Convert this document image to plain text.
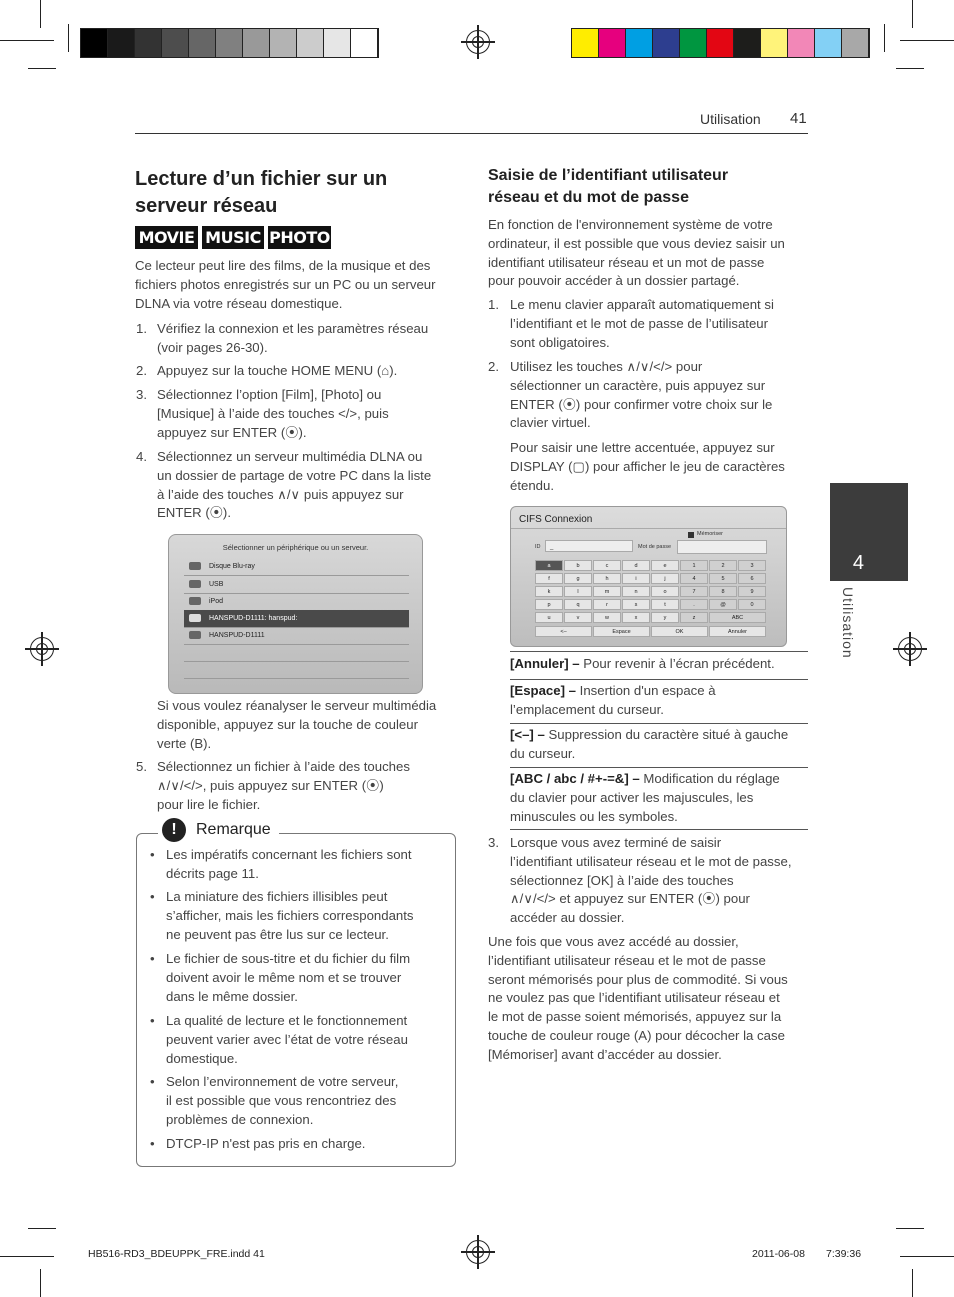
Utilisation 41
4
Utilisation
Lecture d’un fichier sur un
serveur réseau
MOVIE MUSIC PHOTO
Ce lecteur peut lire des films, de la musique et des
fichiers photos enregistrés sur un PC ou un serveur
DLNA via votre réseau domestique.
1. Vérifiez la connexion et les paramètres réseau
(voir pages 26-30).
2. Appuyez sur la touche HOME MENU (⌂).
3. Sélectionnez l’option [Film], [Photo] ou
[Musique] à l’aide des touches </>, puis
appuyez sur ENTER (⦿).
4. Sélectionnez un serveur multimédia DLNA ou
un dossier de partage de votre PC dans la liste
à l’aide des touches ∧/∨ puis appuyez sur
ENTER (⦿).
Sélectionner un périphérique ou un serveur.
Disque Blu-ray
USB
iPod
HANSPUD-D1111: hanspud:
HANSPUD-D1111
Si vous voulez réanalyser le serveur multimédia
disponible, appuyez sur la touche de couleur
verte (B).
5. Sélectionnez un fichier à l’aide des touches
∧/∨/</>, puis appuyez sur ENTER (⦿)
pour lire le fichier.
!	Remarque
• Les impératifs concernant les fichiers sont
décrits page 11.
• La miniature des fichiers illisibles peut
s’afficher, mais les fichiers correspondants
ne peuvent pas être lus sur ce lecteur.
• Le fichier de sous-titre et du fichier du film
doivent avoir le même nom et se trouver
dans le même dossier.
• La qualité de lecture et le fonctionnement
peuvent varier avec l’état de votre réseau
domestique.
• Selon l’environnement de votre serveur,
il est possible que vous rencontriez des
problèmes de connexion.
• DTCP-IP n'est pas pris en charge.
Saisie de l’identifiant utilisateur
réseau et du mot de passe
En fonction de l'environnement système de votre
ordinateur, il est possible que vous deviez saisir un
identifiant utilisateur réseau et un mot de passe
pour pouvoir accéder à un dossier partagé.
1. Le menu clavier apparaît automatiquement si
l’identifiant et le mot de passe de l’utilisateur
sont obligatoires.
2. Utilisez les touches ∧/∨/</> pour
sélectionner un caractère, puis appuyez sur
ENTER (⦿) pour confirmer votre choix sur le
clavier virtuel.
Pour saisir une lettre accentuée, appuyez sur
DISPLAY (▢) pour afficher le jeu de caractères
étendu.
CIFS Connexion
Mémoriser
ID	_	Mot de passe
a	b	c	d	e	1	2	3
f	g	h	i	j	4	5	6
k	l	m	n	o	7	8	9
p	q	r	s	t	.	@	0
u	v	w	x	y	z	ABC
<–	Espace	OK	Annuler
[Annuler] – Pour revenir à l’écran précédent.
[Espace] – Insertion d'un espace à
l’emplacement du curseur.
[<–] – Suppression du caractère situé à gauche
du curseur.
[ABC / abc / #+-=&] – Modification du réglage
du clavier pour activer les majuscules, les
minuscules ou les symboles.
3. Lorsque vous avez terminé de saisir
l’identifiant utilisateur réseau et le mot de passe,
sélectionnez [OK] à l’aide des touches
∧/∨/</> et appuyez sur ENTER (⦿) pour
accéder au dossier.
Une fois que vous avez accédé au dossier,
l’identifiant utilisateur réseau et le mot de passe
seront mémorisés pour plus de commodité. Si vous
ne voulez pas que l’identifiant utilisateur réseau et
le mot de passe soient mémorisés, appuyez sur la
touche de couleur rouge (A) pour décocher la case
[Mémoriser] avant d’accéder au dossier.
HB516-RD3_BDEUPPK_FRE.indd 41	2011-06-08 7:39:36
